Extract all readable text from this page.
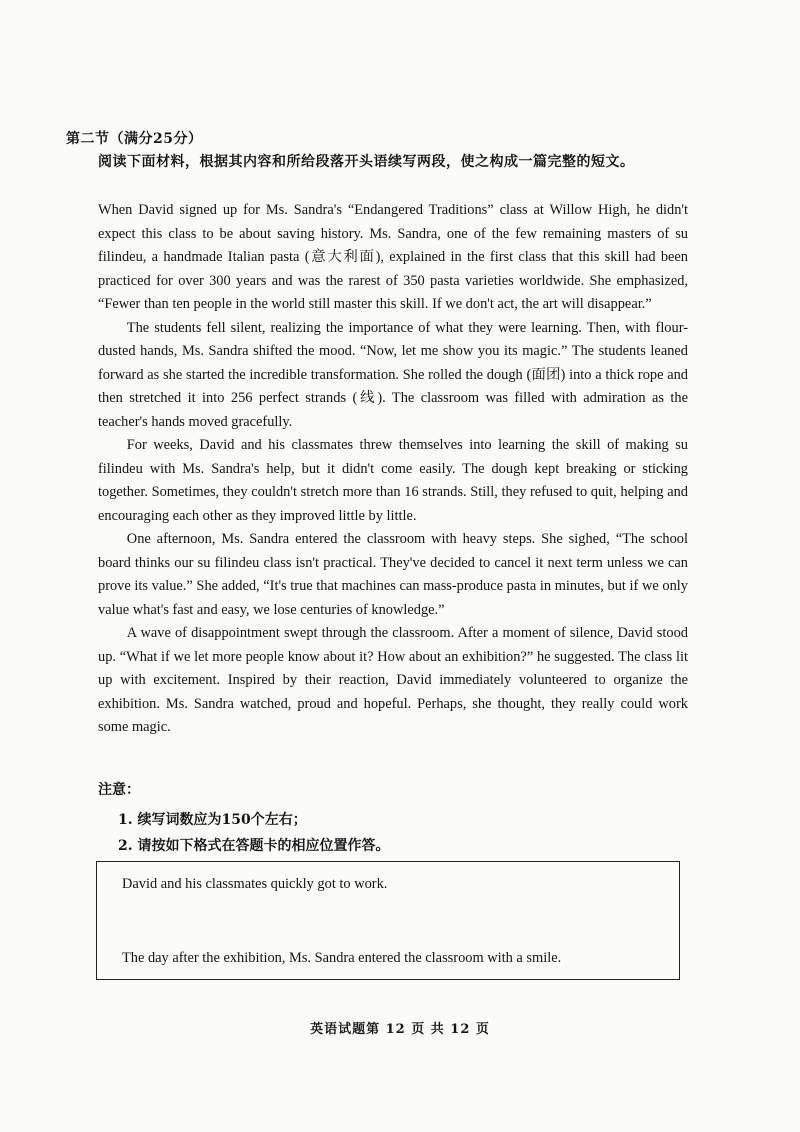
第二节（满分25分）
阅读下面材料，根据其内容和所给段落开头语续写两段，使之构成一篇完整的短文。

When David signed up for Ms. Sandra's “Endangered Traditions” class at Willow High, he didn't expect this class to be about saving history. Ms. Sandra, one of the few remaining masters of su filindeu, a handmade Italian pasta (意大利面), explained in the first class that this skill had been practiced for over 300 years and was the rarest of 350 pasta varieties worldwide. She emphasized, “Fewer than ten people in the world still master this skill. If we don't act, the art will disappear.”

The students fell silent, realizing the importance of what they were learning. Then, with flour-dusted hands, Ms. Sandra shifted the mood. “Now, let me show you its magic.” The students leaned forward as she started the incredible transformation. She rolled the dough (面团) into a thick rope and then stretched it into 256 perfect strands (线). The classroom was filled with admiration as the teacher's hands moved gracefully.

For weeks, David and his classmates threw themselves into learning the skill of making su filindeu with Ms. Sandra's help, but it didn't come easily. The dough kept breaking or sticking together. Sometimes, they couldn't stretch more than 16 strands. Still, they refused to quit, helping and encouraging each other as they improved little by little.

One afternoon, Ms. Sandra entered the classroom with heavy steps. She sighed, “The school board thinks our su filindeu class isn't practical. They've decided to cancel it next term unless we can prove its value.” She added, “It's true that machines can mass-produce pasta in minutes, but if we only value what's fast and easy, we lose centuries of knowledge.”

A wave of disappointment swept through the classroom. After a moment of silence, David stood up. “What if we let more people know about it? How about an exhibition?” he suggested. The class lit up with excitement. Inspired by their reaction, David immediately volunteered to organize the exhibition. Ms. Sandra watched, proud and hopeful. Perhaps, she thought, they really could work some magic.

注意：
1. 续写词数应为150个左右；
2. 请按如下格式在答题卡的相应位置作答。
David and his classmates quickly got to work.
The day after the exhibition, Ms. Sandra entered the classroom with a smile.
英语试题第 12 页 共 12 页
